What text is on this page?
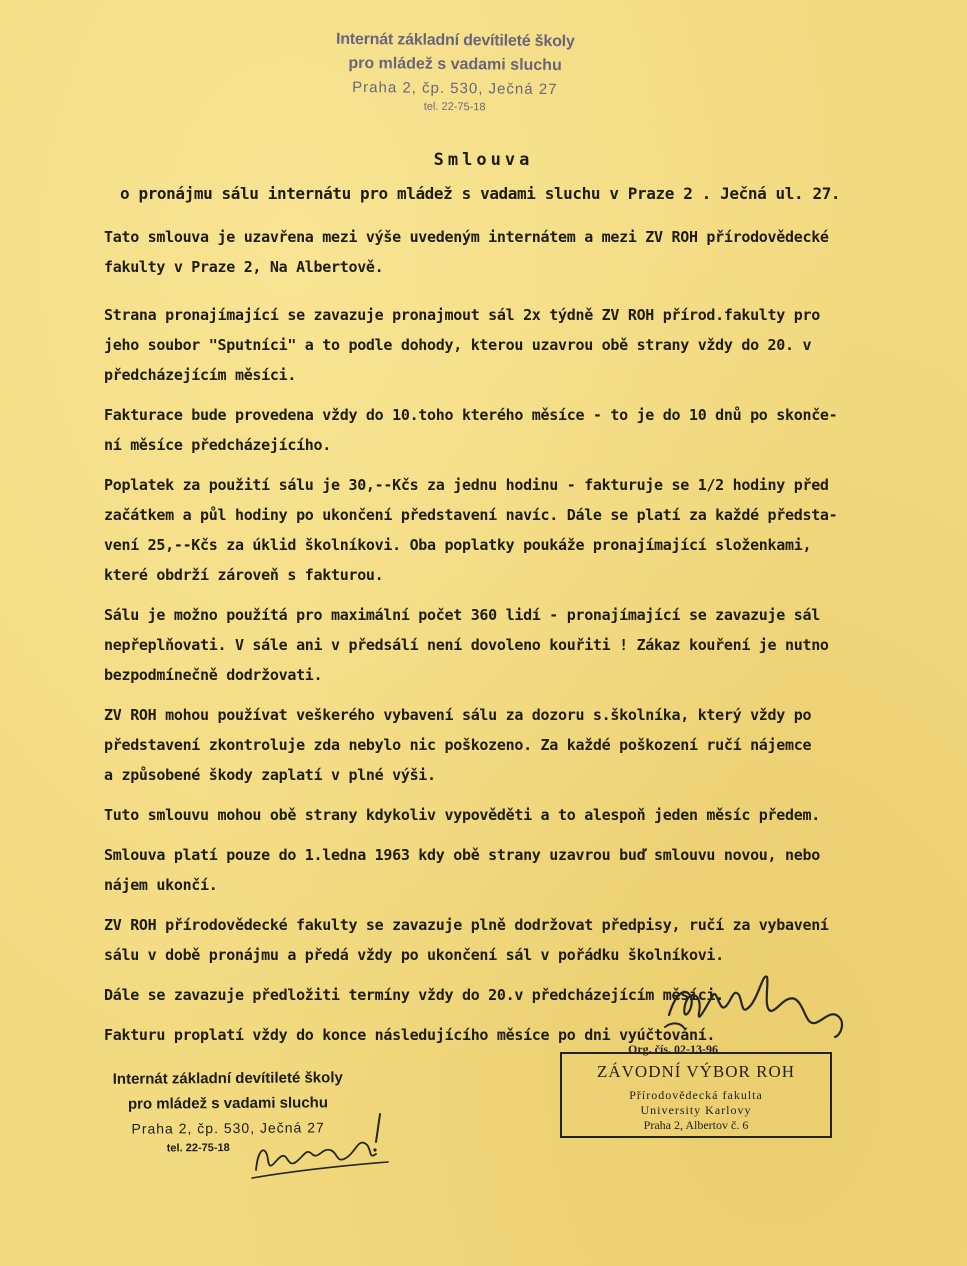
Internát základní devítileté školy
pro mládež s vadami sluchu
Praha 2, čp. 530, Ječná 27
tel. 22-75-18
Smlouva
o pronájmu sálu internátu pro mládež s vadami sluchu v Praze 2 . Ječná ul. 27.
Tato smlouva je uzavřena mezi výše uvedeným internátem a mezi ZV ROH přírodovědecké
fakulty v Praze 2, Na Albertově.
Strana pronajímající se zavazuje pronajmout sál 2x týdně ZV ROH přírod.fakulty pro
jeho soubor "Sputníci" a to podle dohody, kterou uzavrou obě strany vždy do 20. v
předcházejícím měsíci.
Fakturace bude provedena vždy do 10.toho kterého měsíce - to je do 10 dnů po skonče-
ní měsíce předcházejícího.
Poplatek za použití sálu je 30,--Kčs za jednu hodinu - fakturuje se 1/2 hodiny před
začátkem a půl hodiny po ukončení představení navíc. Dále se platí za každé předsta-
vení 25,--Kčs za úklid školníkovi. Oba poplatky poukáže pronajímající složenkami,
které obdrží zároveň s fakturou.
Sálu je možno použítá pro maximální počet 360 lidí - pronajímající se zavazuje sál
nepřeplňovati. V sále ani v předsálí není dovoleno kouřiti ! Zákaz kouření je nutno
bezpodmínečně dodržovati.
ZV ROH mohou používat veškerého vybavení sálu za dozoru s.školníka, který vždy po
představení zkontroluje zda nebylo nic poškozeno. Za každé poškození ručí nájemce
a způsobené škody zaplatí v plné výši.
Tuto smlouvu mohou obě strany kdykoliv vypověděti a to alespoň jeden měsíc předem.
Smlouva platí pouze do 1.ledna 1963 kdy obě strany uzavrou buď smlouvu novou, nebo
nájem ukončí.
ZV ROH přírodovědecké fakulty se zavazuje plně dodržovat předpisy, ručí za vybavení
sálu v době pronájmu a předá vždy po ukončení sál v pořádku školníkovi.
Dále se zavazuje předložiti termíny vždy do 20.v předcházejícím měsíci.
Fakturu proplatí vždy do konce následujícího měsíce po dni vyúčtování.
Org. čís. 02-13-96
ZÁVODNÍ VÝBOR ROH
Přírodovědecká fakulta
University Karlovy
Praha 2, Albertov č. 6
Internát základní devítileté školy
pro mládež s vadami sluchu
Praha 2, čp. 530, Ječná 27
tel. 22-75-18
